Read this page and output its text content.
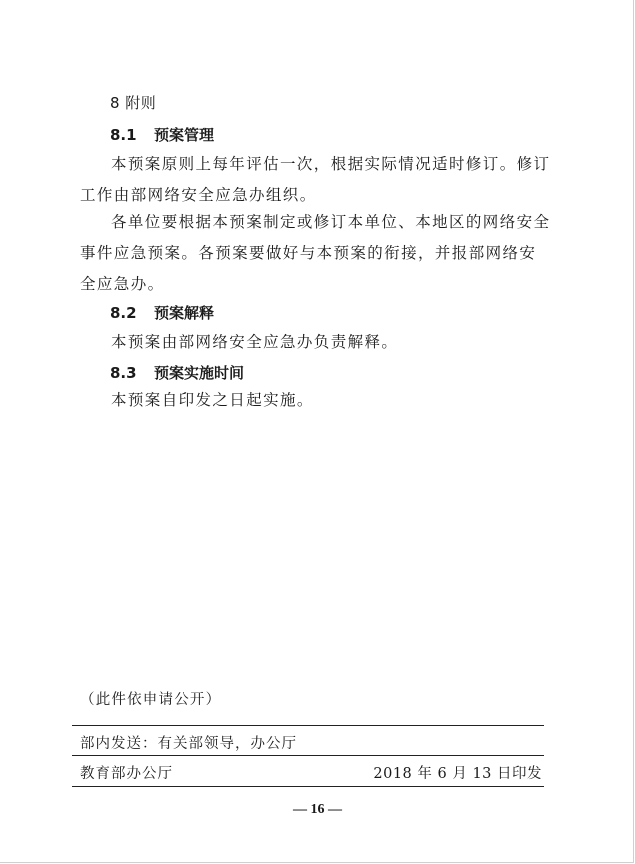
8 附则
8.1 预案管理

本预案原则上每年评估一次，根据实际情况适时修订。修订工作由部网络安全应急办组织。

各单位要根据本预案制定或修订本单位、本地区的网络安全事件应急预案。各预案要做好与本预案的衔接，并报部网络安全应急办。

8.2 预案解释

本预案由部网络安全应急办负责解释。

8.3 预案实施时间

本预案自印发之日起实施。

（此件依申请公开）
部内发送：有关部领导，办公厅
教育部办公厅	2018 年 6 月 13 日印发
— 16 —
